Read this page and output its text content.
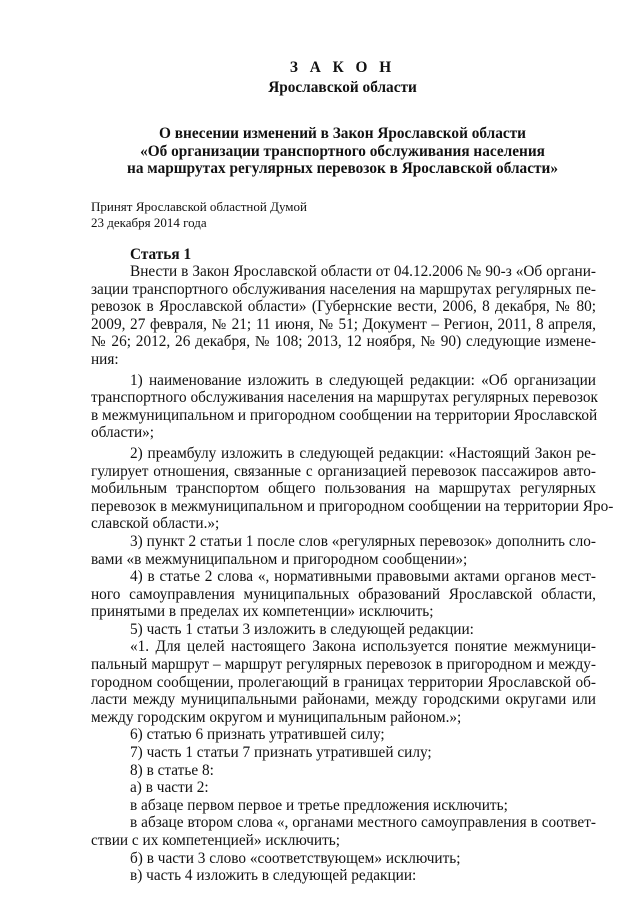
З А К О Н
Ярославской области
О внесении изменений в Закон Ярославской области
«Об организации транспортного обслуживания населения
на маршрутах регулярных перевозок в Ярославской области»
Принят Ярославской областной Думой
23 декабря 2014 года
Статья 1
Внести в Закон Ярославской области от 04.12.2006 № 90-з «Об органи-
зации транспортного обслуживания населения на маршрутах регулярных пе-
ревозок в Ярославской области» (Губернские вести, 2006, 8 декабря, № 80;
2009, 27 февраля, № 21; 11 июня, № 51; Документ – Регион, 2011, 8 апреля,
№ 26; 2012, 26 декабря, № 108; 2013, 12 ноября, № 90) следующие измене-
ния:
1) наименование изложить в следующей редакции: «Об организации
транспортного обслуживания населения на маршрутах регулярных перевозок
в межмуниципальном и пригородном сообщении на территории Ярославской
области»;
2) преамбулу изложить в следующей редакции: «Настоящий Закон ре-
гулирует отношения, связанные с организацией перевозок пассажиров авто-
мобильным транспортом общего пользования на маршрутах регулярных
перевозок в межмуниципальном и пригородном сообщении на территории Яро-
славской области.»;
3) пункт 2 статьи 1 после слов «регулярных перевозок» дополнить сло-
вами «в межмуниципальном и пригородном сообщении»;
4) в статье 2 слова «, нормативными правовыми актами органов мест-
ного самоуправления муниципальных образований Ярославской области,
принятыми в пределах их компетенции» исключить;
5) часть 1 статьи 3 изложить в следующей редакции:
«1. Для целей настоящего Закона используется понятие межмуници-
пальный маршрут – маршрут регулярных перевозок в пригородном и между-
городном сообщении, пролегающий в границах территории Ярославской об-
ласти между муниципальными районами, между городскими округами или
между городским округом и муниципальным районом.»;
6) статью 6 признать утратившей силу;
7) часть 1 статьи 7 признать утратившей силу;
8) в статье 8:
а) в части 2:
в абзаце первом первое и третье предложения исключить;
в абзаце втором слова «, органами местного самоуправления в соответ-
ствии с их компетенцией» исключить;
б) в части 3 слово «соответствующем» исключить;
в) часть 4 изложить в следующей редакции:
